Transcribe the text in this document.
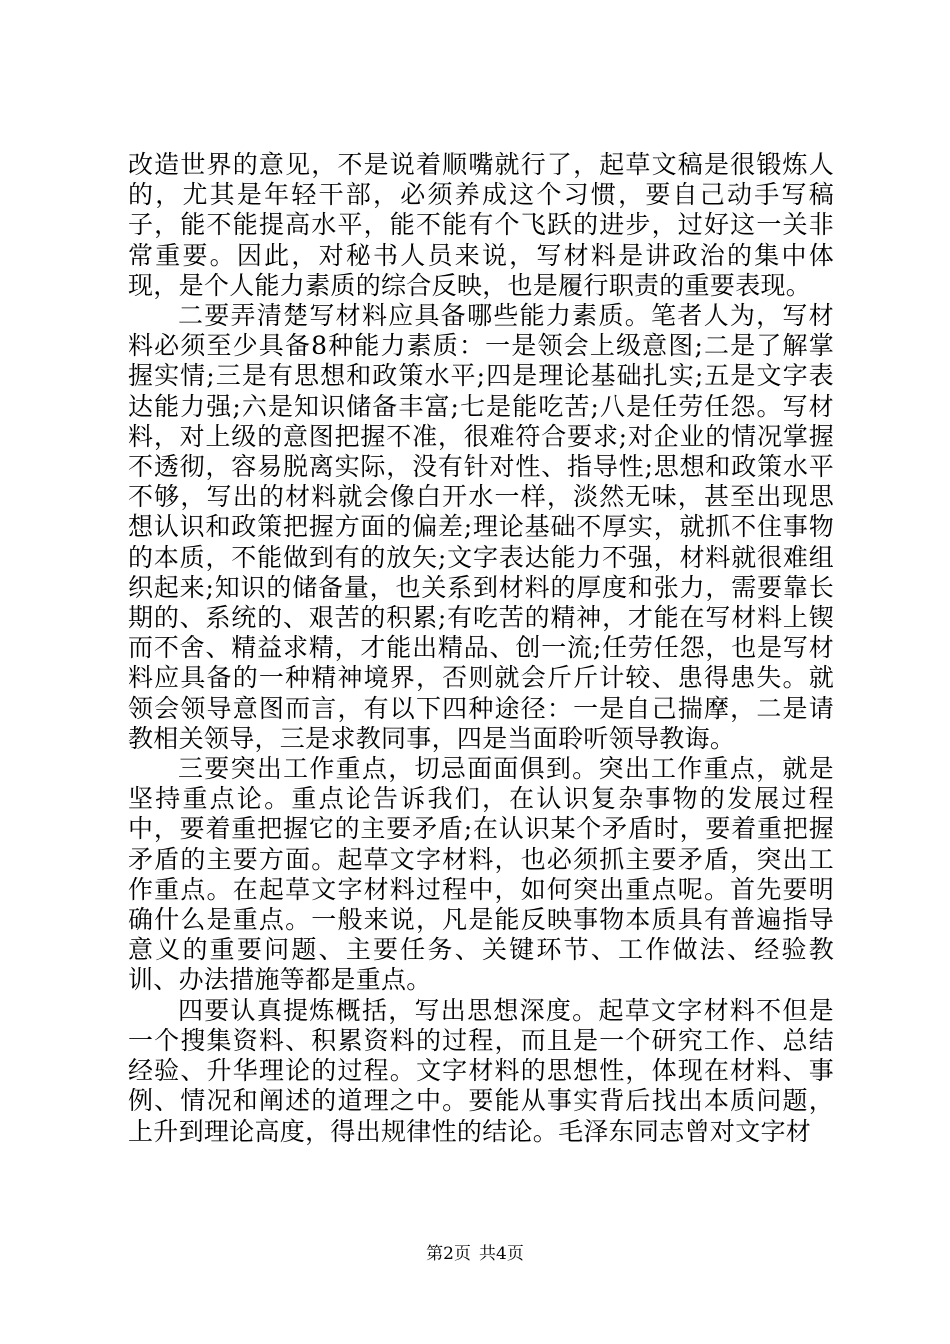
改造世界的意见，不是说着顺嘴就行了，起草文稿是很锻炼人的，尤其是年轻干部，必须养成这个习惯，要自己动手写稿子，能不能提高水平，能不能有个飞跃的进步，过好这一关非常重要。因此，对秘书人员来说，写材料是讲政治的集中体现，是个人能力素质的综合反映，也是履行职责的重要表现。

二要弄清楚写材料应具备哪些能力素质。笔者人为，写材料必须至少具备8种能力素质：一是领会上级意图;二是了解掌握实情;三是有思想和政策水平;四是理论基础扎实;五是文字表达能力强;六是知识储备丰富;七是能吃苦;八是任劳任怨。写材料，对上级的意图把握不准，很难符合要求;对企业的情况掌握不透彻，容易脱离实际，没有针对性、指导性;思想和政策水平不够，写出的材料就会像白开水一样，淡然无味，甚至出现思想认识和政策把握方面的偏差;理论基础不厚实，就抓不住事物的本质，不能做到有的放矢;文字表达能力不强，材料就很难组织起来;知识的储备量，也关系到材料的厚度和张力，需要靠长期的、系统的、艰苦的积累;有吃苦的精神，才能在写材料上锲而不舍、精益求精，才能出精品、创一流;任劳任怨，也是写材料应具备的一种精神境界，否则就会斤斤计较、患得患失。就领会领导意图而言，有以下四种途径：一是自己揣摩，二是请教相关领导，三是求教同事，四是当面聆听领导教诲。

三要突出工作重点，切忌面面俱到。突出工作重点，就是坚持重点论。重点论告诉我们，在认识复杂事物的发展过程中，要着重把握它的主要矛盾;在认识某个矛盾时，要着重把握矛盾的主要方面。起草文字材料，也必须抓主要矛盾，突出工作重点。在起草文字材料过程中，如何突出重点呢。首先要明确什么是重点。一般来说，凡是能反映事物本质具有普遍指导意义的重要问题、主要任务、关键环节、工作做法、经验教训、办法措施等都是重点。

四要认真提炼概括，写出思想深度。起草文字材料不但是一个搜集资料、积累资料的过程，而且是一个研究工作、总结经验、升华理论的过程。文字材料的思想性，体现在材料、事例、情况和阐述的道理之中。要能从事实背后找出本质问题，上升到理论高度，得出规律性的结论。毛泽东同志曾对文字材

第2页 共4页
